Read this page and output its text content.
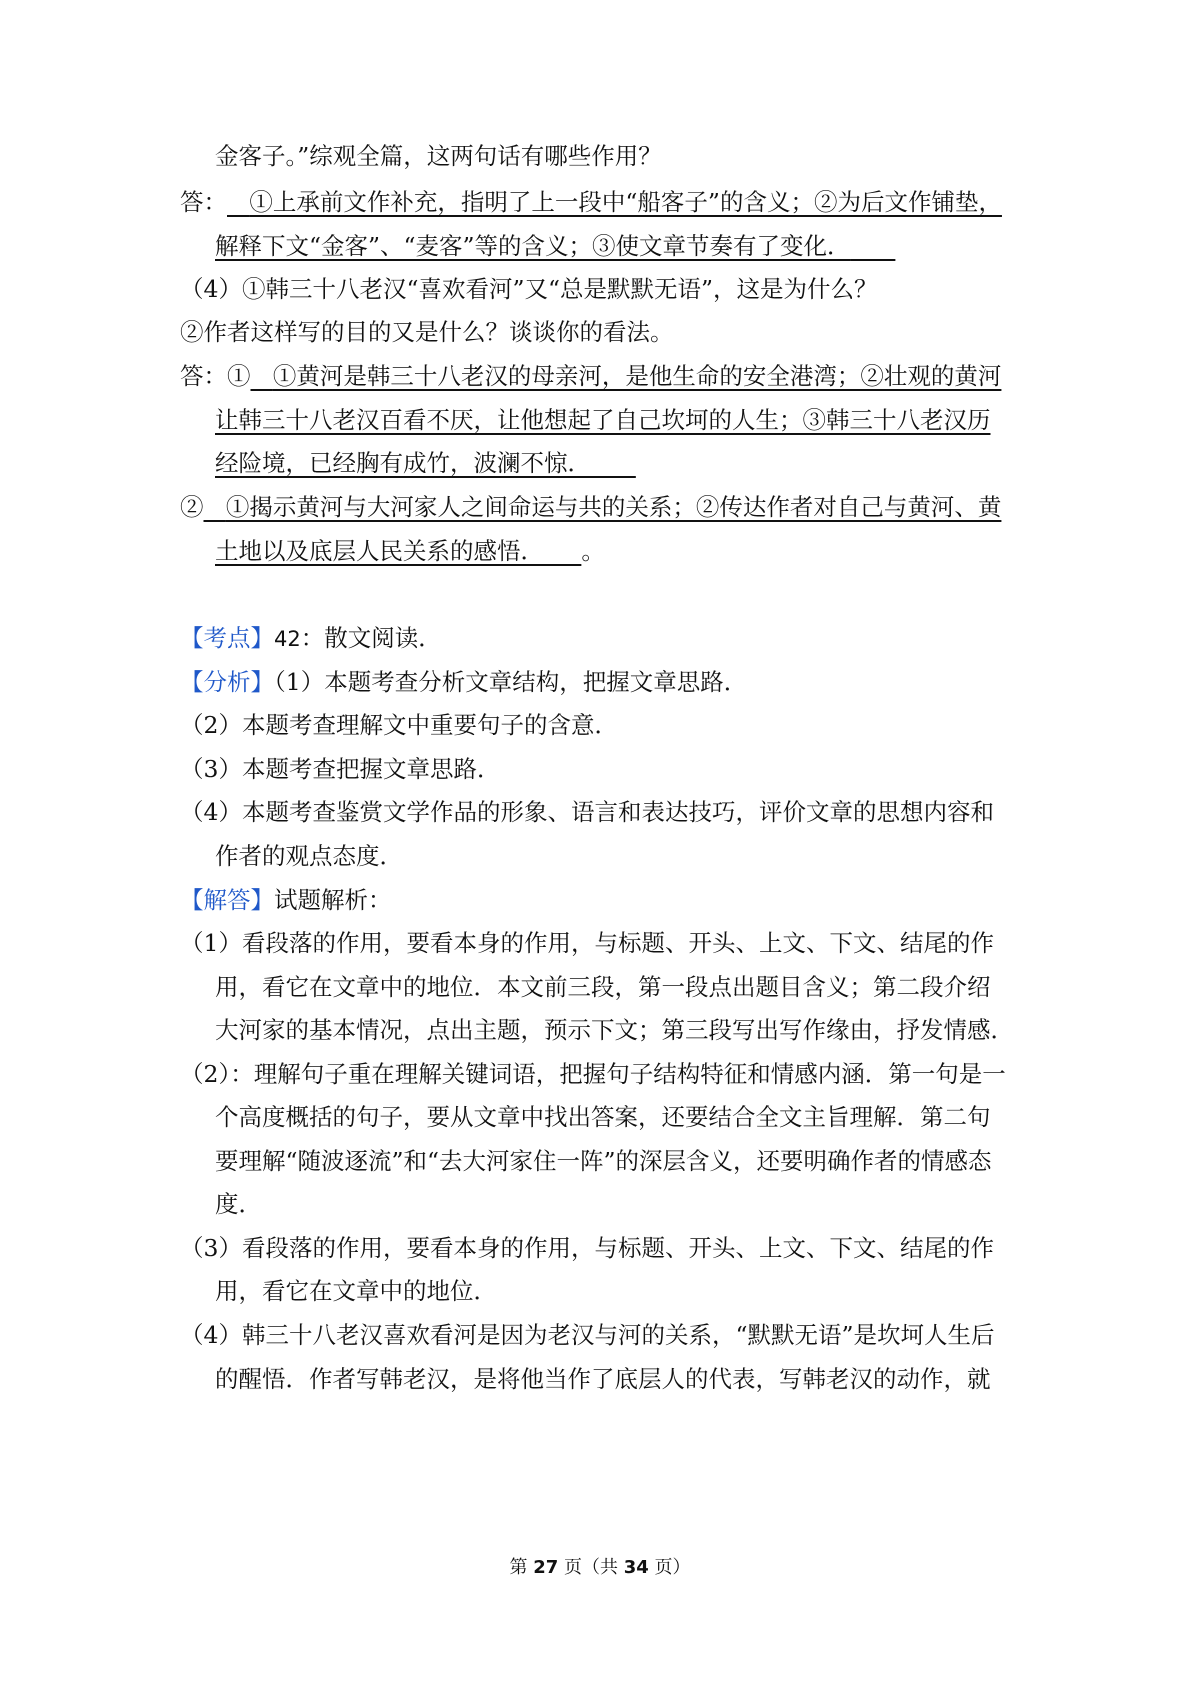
金客子。”综观全篇，这两句话有哪些作用？
答： ①上承前文作补充，指明了上一段中“船客子”的含义；②为后文作铺垫，
解释下文“金客”、“麦客”等的含义；③使文章节奏有了变化．
（4）①韩三十八老汉“喜欢看河”又“总是默默无语”，这是为什么？
②作者这样写的目的又是什么？谈谈你的看法。
答：① ①黄河是韩三十八老汉的母亲河，是他生命的安全港湾；②壮观的黄河
让韩三十八老汉百看不厌，让他想起了自己坎坷的人生；③韩三十八老汉历
经险境，已经胸有成竹，波澜不惊．
② ①揭示黄河与大河家人之间命运与共的关系；②传达作者对自己与黄河、黄
土地以及底层人民关系的感悟． 。
【考点】42：散文阅读．
【分析】（1）本题考查分析文章结构，把握文章思路．
（2）本题考查理解文中重要句子的含意．
（3）本题考查把握文章思路．
（4）本题考查鉴赏文学作品的形象、语言和表达技巧，评价文章的思想内容和
作者的观点态度．
【解答】试题解析：
（1）看段落的作用，要看本身的作用，与标题、开头、上文、下文、结尾的作
用，看它在文章中的地位．本文前三段，第一段点出题目含义；第二段介绍
大河家的基本情况，点出主题，预示下文；第三段写出写作缘由，抒发情感．
（2）：理解句子重在理解关键词语，把握句子结构特征和情感内涵．第一句是一
个高度概括的句子，要从文章中找出答案，还要结合全文主旨理解．第二句
要理解“随波逐流”和“去大河家住一阵”的深层含义，还要明确作者的情感态
度．
（3）看段落的作用，要看本身的作用，与标题、开头、上文、下文、结尾的作
用，看它在文章中的地位．
（4）韩三十八老汉喜欢看河是因为老汉与河的关系，“默默无语”是坎坷人生后
的醒悟．作者写韩老汉，是将他当作了底层人的代表，写韩老汉的动作，就
第 27 页（共 34 页）
